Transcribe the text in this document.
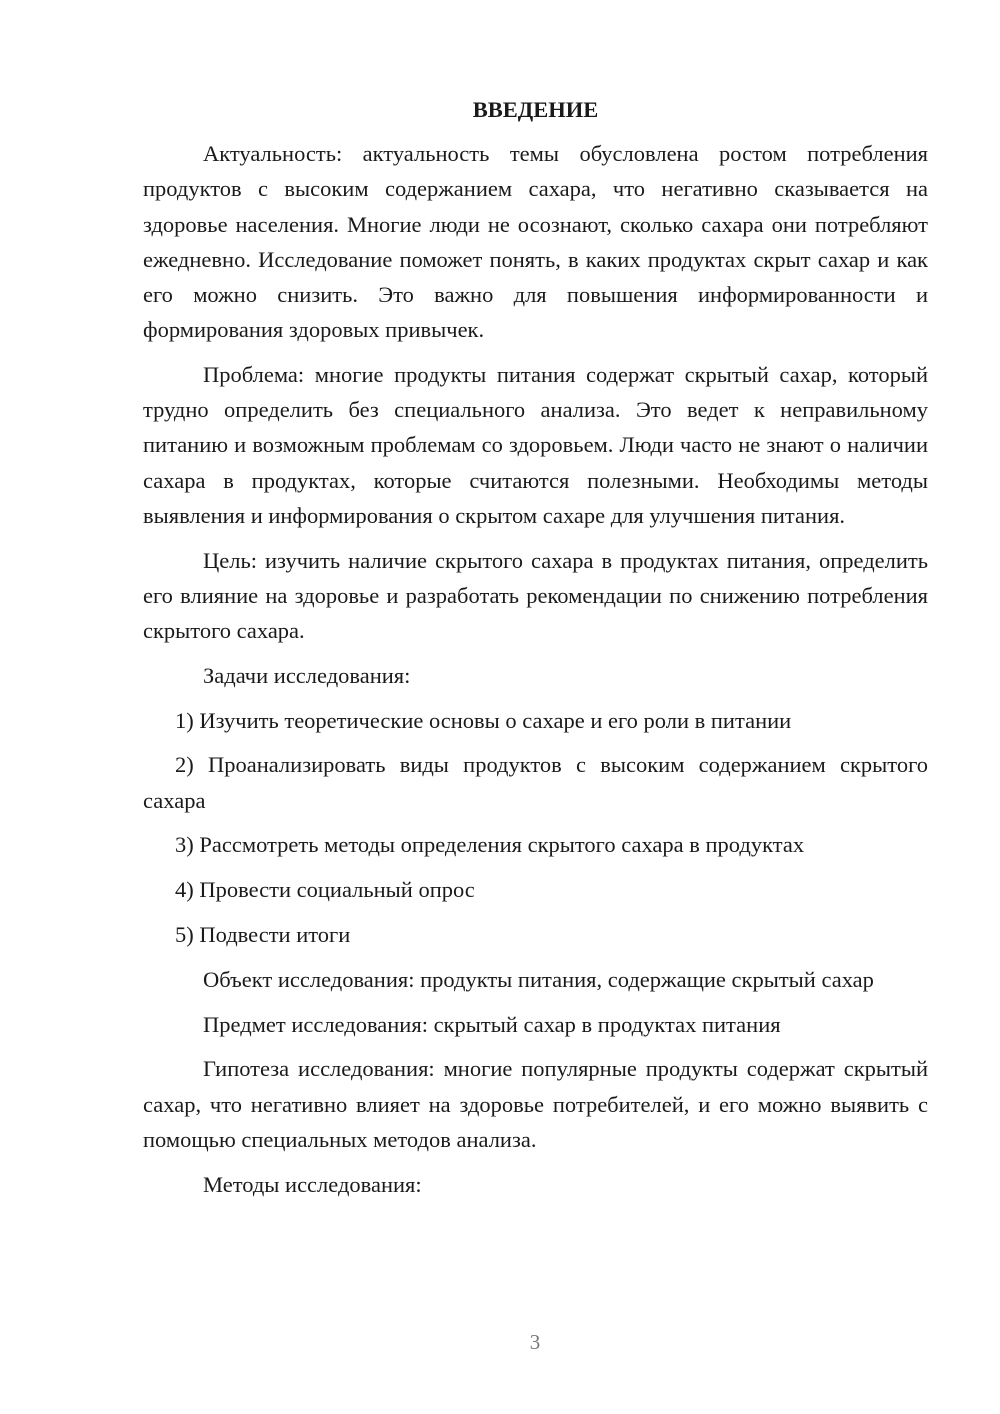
ВВЕДЕНИЕ

Актуальность: актуальность темы обусловлена ростом потребления продуктов с высоким содержанием сахара, что негативно сказывается на здоровье населения. Многие люди не осознают, сколько сахара они потребляют ежедневно. Исследование поможет понять, в каких продуктах скрыт сахар и как его можно снизить. Это важно для повышения информированности и формирования здоровых привычек.

Проблема: многие продукты питания содержат скрытый сахар, который трудно определить без специального анализа. Это ведет к неправильному питанию и возможным проблемам со здоровьем. Люди часто не знают о наличии сахара в продуктах, которые считаются полезными. Необходимы методы выявления и информирования о скрытом сахаре для улучшения питания.

Цель: изучить наличие скрытого сахара в продуктах питания, определить его влияние на здоровье и разработать рекомендации по снижению потребления скрытого сахара.

Задачи исследования:

1) Изучить теоретические основы о сахаре и его роли в питании

2) Проанализировать виды продуктов с высоким содержанием скрытого сахара

3) Рассмотреть методы определения скрытого сахара в продуктах

4) Провести социальный опрос

5) Подвести итоги

Объект исследования: продукты питания, содержащие скрытый сахар

Предмет исследования: скрытый сахар в продуктах питания

Гипотеза исследования: многие популярные продукты содержат скрытый сахар, что негативно влияет на здоровье потребителей, и его можно выявить с помощью специальных методов анализа.

Методы исследования:

3
